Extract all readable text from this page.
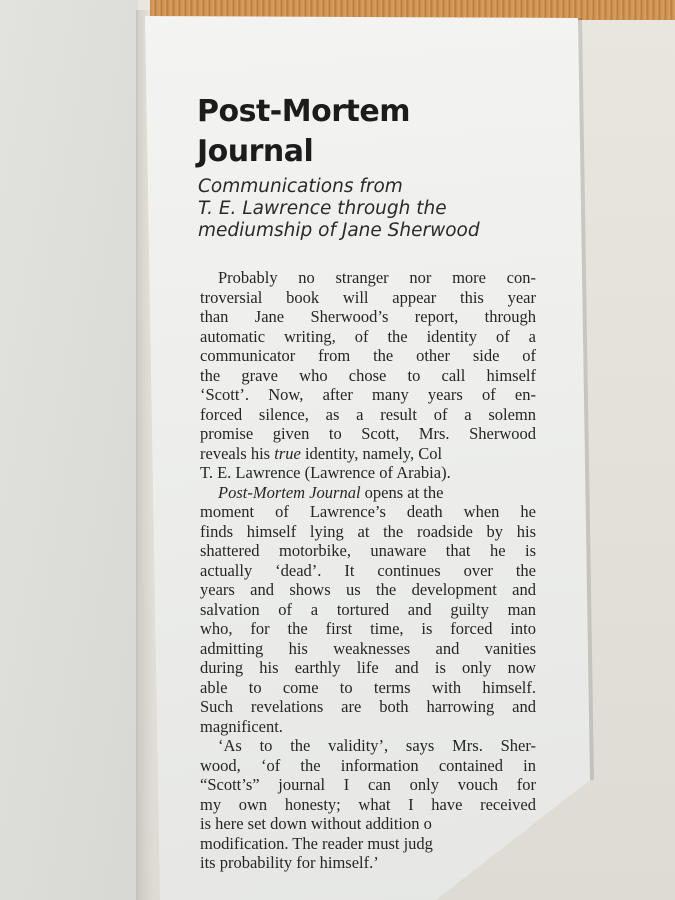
Post-Mortem
Journal
Communications from
T. E. Lawrence through the
mediumship of Jane Sherwood
Probably no stranger nor more con-
troversial book will appear this year
than Jane Sherwood’s report, through
automatic writing, of the identity of a
communicator from the other side of
the grave who chose to call himself
‘Scott’. Now, after many years of en-
forced silence, as a result of a solemn
promise given to Scott, Mrs. Sherwood
reveals his true identity, namely, Col
T. E. Lawrence (Lawrence of Arabia).
Post-Mortem Journal opens at the
moment of Lawrence’s death when he
finds himself lying at the roadside by his
shattered motorbike, unaware that he is
actually ‘dead’. It continues over the
years and shows us the development and
salvation of a tortured and guilty man
who, for the first time, is forced into
admitting his weaknesses and vanities
during his earthly life and is only now
able to come to terms with himself.
Such revelations are both harrowing and
magnificent.
‘As to the validity’, says Mrs. Sher-
wood, ‘of the information contained in
“Scott’s” journal I can only vouch for
my own honesty; what I have received
is here set down without addition o
modification. The reader must judg
its probability for himself.’
